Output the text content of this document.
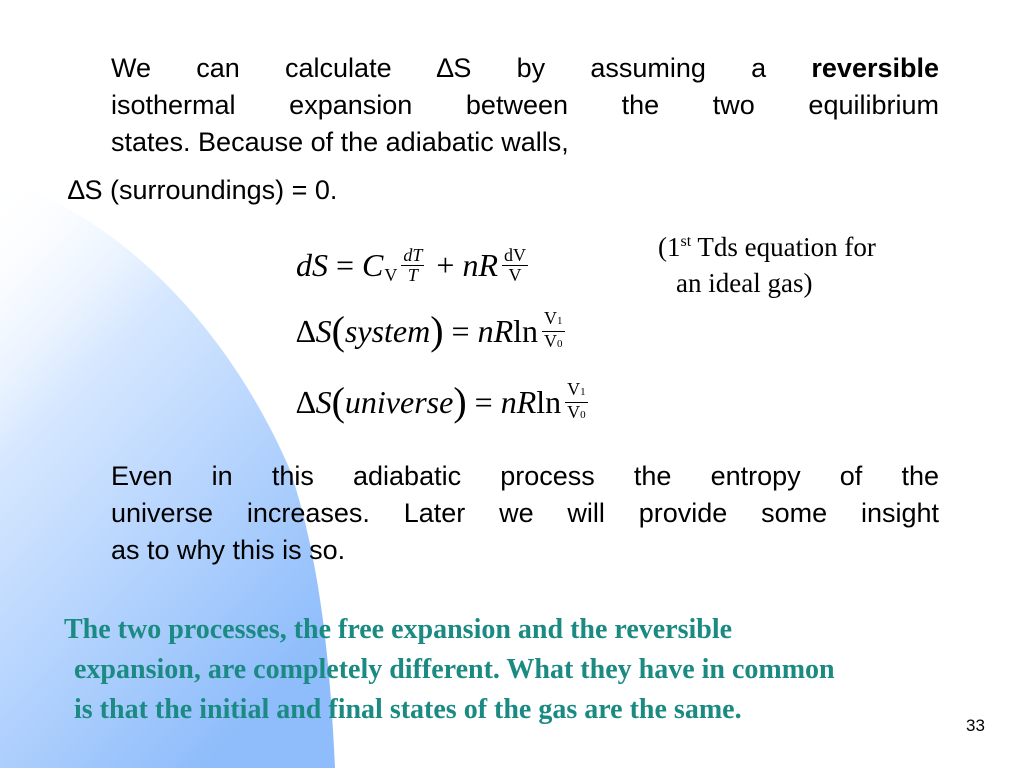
We can calculate ∆S by assuming a reversible
isothermal expansion between the two equilibrium
states. Because of the adiabatic walls,
∆S (surroundings) = 0.
dS = C V $\frac{dT}{T}$ + nR $\frac{dV}{V}$	(1st Tds equation for
an ideal gas)
∆ S ( system ) = nR $\ln \frac{V1}{V0}$
∆ S ( universe ) = nR $\ln \frac{V1}{V0}$
Even in this adiabatic process the entropy of the
universe increases. Later we will provide some insight
as to why this is so.
The two processes, the free expansion and the reversible
expansion, are completely different. What they have in common
is that the initial and final states of the gas are the same.
33
